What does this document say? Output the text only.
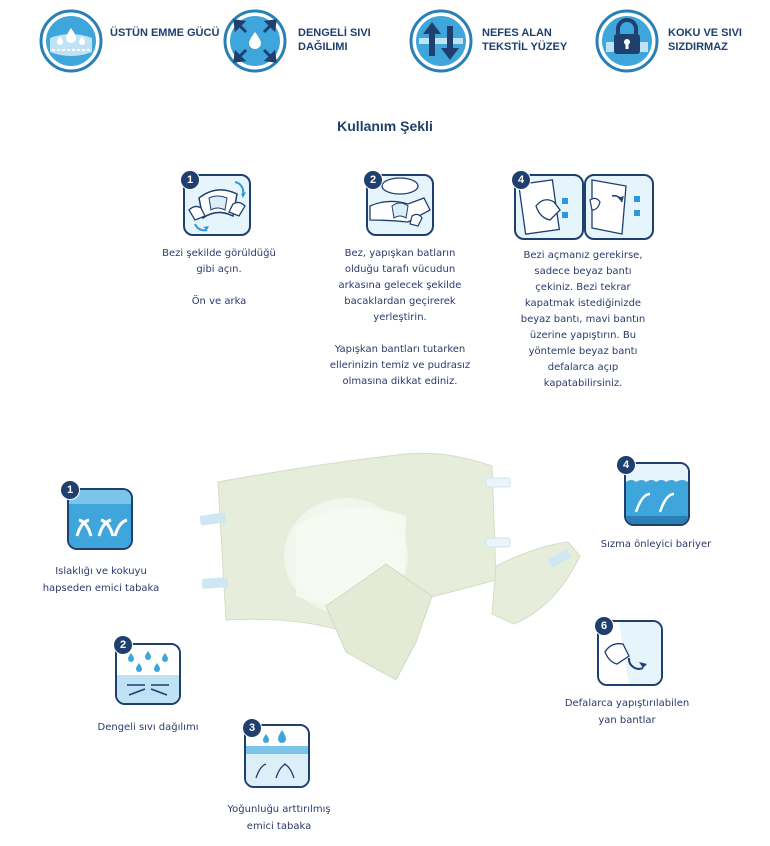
ÜSTÜN EMME GÜCÜ	DENGELİ SIVI DAĞILIMI
NEFES ALAN TEKSTİL YÜZEY
KOKU VE SIVI SIZDIRMAZ
Kullanım Şekli
1

Bezi şekilde görüldüğü gibi açın.

Ön ve arka

2

Bez, yapışkan batların olduğu tarafı vücudun arkasına gelecek şekilde bacaklardan geçirerek yerleştirin.

Yapışkan bantları tutarken ellerinizin temiz ve pudrasız olmasına dikkat ediniz.

4

Bezi açmanız gerekirse, sadece beyaz bantı çekiniz. Bezi tekrar kapatmak istediğinizde beyaz bantı, mavi bantın üzerine yapıştırın. Bu yöntemle beyaz bantı defalarca açıp kapatabilirsiniz.

1
Islaklığı ve kokuyu hapseden emici tabaka
2
Dengeli sıvı dağılımı	3
Yoğunluğu arttırılmış emici tabaka
4
Sızma önleyici bariyer
6
Defalarca yapıştırılabilen yan bantlar
